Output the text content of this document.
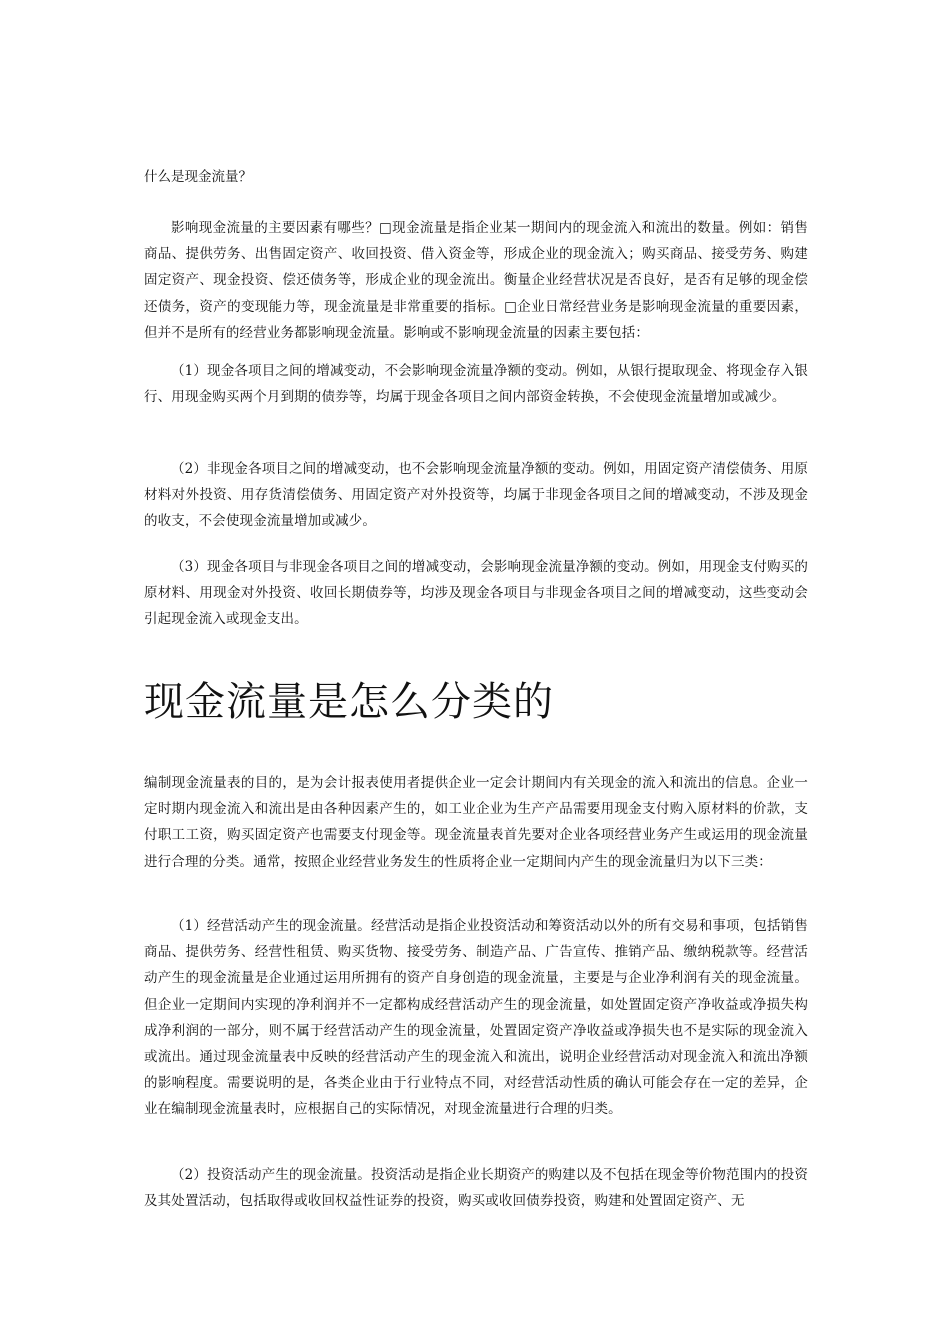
什么是现金流量？

影响现金流量的主要因素有哪些？□现金流量是指企业某一期间内的现金流入和流出的数量。例如：销售商品、提供劳务、出售固定资产、收回投资、借入资金等，形成企业的现金流入；购买商品、接受劳务、购建固定资产、现金投资、偿还债务等，形成企业的现金流出。衡量企业经营状况是否良好，是否有足够的现金偿还债务，资产的变现能力等，现金流量是非常重要的指标。□企业日常经营业务是影响现金流量的重要因素，但并不是所有的经营业务都影响现金流量。影响或不影响现金流量的因素主要包括：

（1）现金各项目之间的增减变动，不会影响现金流量净额的变动。例如，从银行提取现金、将现金存入银行、用现金购买两个月到期的债券等，均属于现金各项目之间内部资金转换，不会使现金流量增加或减少。

（2）非现金各项目之间的增减变动，也不会影响现金流量净额的变动。例如，用固定资产清偿债务、用原材料对外投资、用存货清偿债务、用固定资产对外投资等，均属于非现金各项目之间的增减变动，不涉及现金的收支，不会使现金流量增加或减少。

（3）现金各项目与非现金各项目之间的增减变动，会影响现金流量净额的变动。例如，用现金支付购买的原材料、用现金对外投资、收回长期债券等，均涉及现金各项目与非现金各项目之间的增减变动，这些变动会引起现金流入或现金支出。

现金流量是怎么分类的

编制现金流量表的目的，是为会计报表使用者提供企业一定会计期间内有关现金的流入和流出的信息。企业一定时期内现金流入和流出是由各种因素产生的，如工业企业为生产产品需要用现金支付购入原材料的价款，支付职工工资，购买固定资产也需要支付现金等。现金流量表首先要对企业各项经营业务产生或运用的现金流量进行合理的分类。通常，按照企业经营业务发生的性质将企业一定期间内产生的现金流量归为以下三类：

（1）经营活动产生的现金流量。经营活动是指企业投资活动和筹资活动以外的所有交易和事项，包括销售商品、提供劳务、经营性租赁、购买货物、接受劳务、制造产品、广告宣传、推销产品、缴纳税款等。经营活动产生的现金流量是企业通过运用所拥有的资产自身创造的现金流量，主要是与企业净利润有关的现金流量。但企业一定期间内实现的净利润并不一定都构成经营活动产生的现金流量，如处置固定资产净收益或净损失构成净利润的一部分，则不属于经营活动产生的现金流量，处置固定资产净收益或净损失也不是实际的现金流入或流出。通过现金流量表中反映的经营活动产生的现金流入和流出，说明企业经营活动对现金流入和流出净额的影响程度。需要说明的是，各类企业由于行业特点不同，对经营活动性质的确认可能会存在一定的差异，企业在编制现金流量表时，应根据自己的实际情况，对现金流量进行合理的归类。

（2）投资活动产生的现金流量。投资活动是指企业长期资产的购建以及不包括在现金等价物范围内的投资及其处置活动，包括取得或收回权益性证券的投资，购买或收回债券投资，购建和处置固定资产、无
